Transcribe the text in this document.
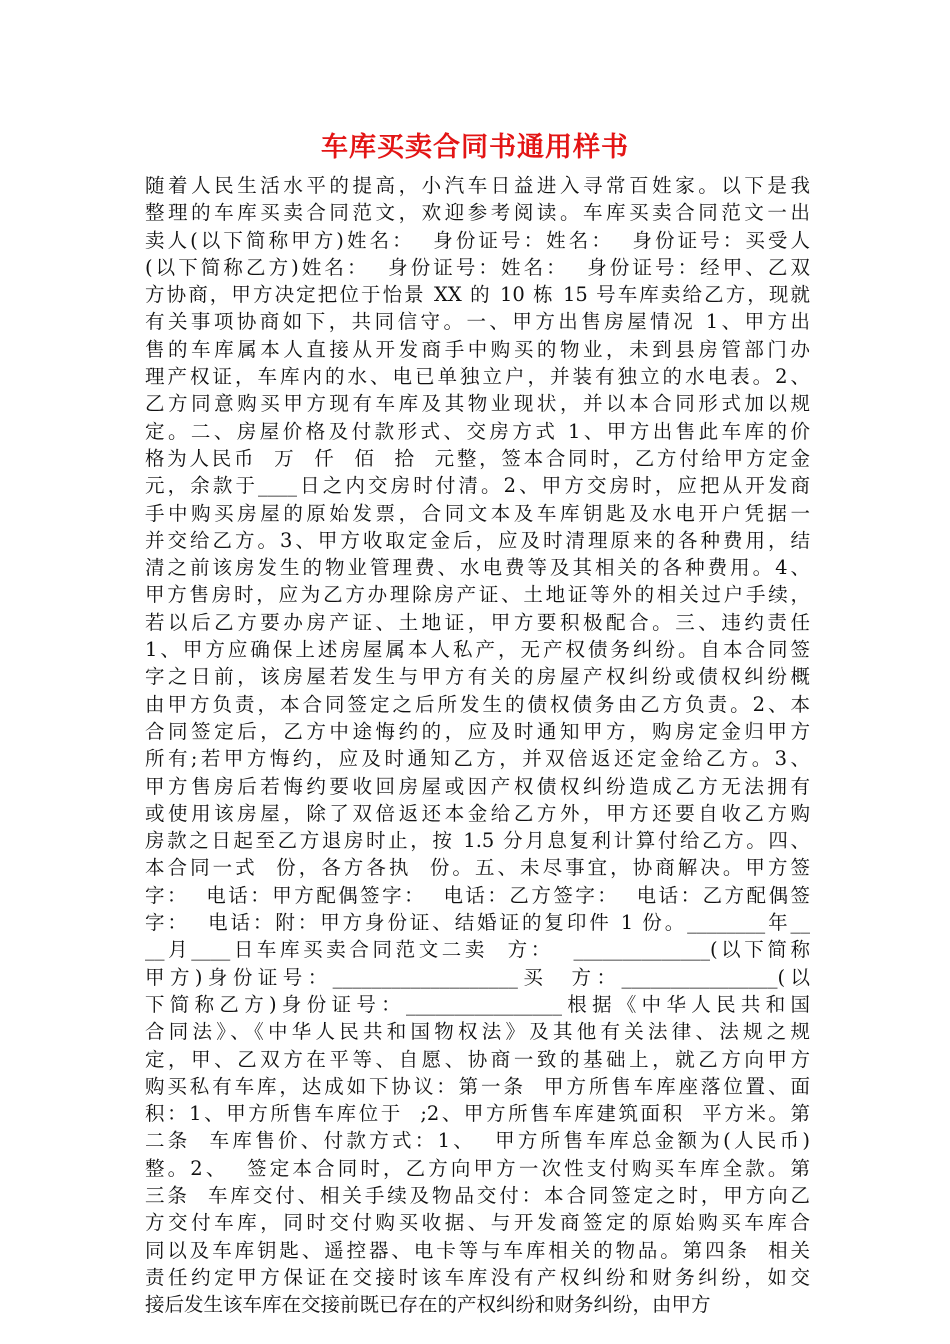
车库买卖合同书通用样书
随着人民生活水平的提高，小汽车日益进入寻常百姓家。以下是我
整理的车库买卖合同范文，欢迎参考阅读。车库买卖合同范文一出
卖人(以下简称甲方)姓名：  身份证号：姓名：  身份证号：买受人
(以下简称乙方)姓名：  身份证号：姓名：  身份证号：经甲、乙双
方协商，甲方决定把位于怡景 XX 的 10 栋 15 号车库卖给乙方，现就
有关事项协商如下，共同信守。一、甲方出售房屋情况 1、甲方出
售的车库属本人直接从开发商手中购买的物业，未到县房管部门办
理产权证，车库内的水、电已单独立户，并装有独立的水电表。2、
乙方同意购买甲方现有车库及其物业现状，并以本合同形式加以规
定。二、房屋价格及付款形式、交房方式 1、甲方出售此车库的价
格为人民币  万  仟  佰  拾  元整，签本合同时，乙方付给甲方定金
元，余款于____日之内交房时付清。2、甲方交房时，应把从开发商
手中购买房屋的原始发票，合同文本及车库钥匙及水电开户凭据一
并交给乙方。3、甲方收取定金后，应及时清理原来的各种费用，结
清之前该房发生的物业管理费、水电费等及其相关的各种费用。4、
甲方售房时，应为乙方办理除房产证、土地证等外的相关过户手续，
若以后乙方要办房产证、土地证，甲方要积极配合。三、违约责任
1、甲方应确保上述房屋属本人私产，无产权债务纠纷。自本合同签
字之日前，该房屋若发生与甲方有关的房屋产权纠纷或债权纠纷概
由甲方负责，本合同签定之后所发生的债权债务由乙方负责。2、本
合同签定后，乙方中途悔约的，应及时通知甲方，购房定金归甲方
所有;若甲方悔约，应及时通知乙方，并双倍返还定金给乙方。3、
甲方售房后若悔约要收回房屋或因产权债权纠纷造成乙方无法拥有
或使用该房屋，除了双倍返还本金给乙方外，甲方还要自收乙方购
房款之日起至乙方退房时止，按 1.5 分月息复利计算付给乙方。四、
本合同一式  份，各方各执  份。五、未尽事宜，协商解决。甲方签
字：  电话：甲方配偶签字：  电话：乙方签字：  电话：乙方配偶签
字：  电话：附：甲方身份证、结婚证的复印件 1 份。________年__
__月____日车库买卖合同范文二卖  方：  ______________(以下简称
甲方)身份证号：___________________买  方：________________(以
下简称乙方)身份证号：________________根据《中华人民共和国
合同法》、《中华人民共和国物权法》及其他有关法律、法规之规
定，甲、乙双方在平等、自愿、协商一致的基础上，就乙方向甲方
购买私有车库，达成如下协议：第一条  甲方所售车库座落位置、面
积：1、甲方所售车库位于  ;2、甲方所售车库建筑面积  平方米。第
二条  车库售价、付款方式：1、  甲方所售车库总金额为(人民币)
整。2、  签定本合同时，乙方向甲方一次性支付购买车库全款。第
三条  车库交付、相关手续及物品交付：本合同签定之时，甲方向乙
方交付车库，同时交付购买收据、与开发商签定的原始购买车库合
同以及车库钥匙、遥控器、电卡等与车库相关的物品。第四条  相关
责任约定甲方保证在交接时该车库没有产权纠纷和财务纠纷，如交
接后发生该车库在交接前既已存在的产权纠纷和财务纠纷，由甲方
